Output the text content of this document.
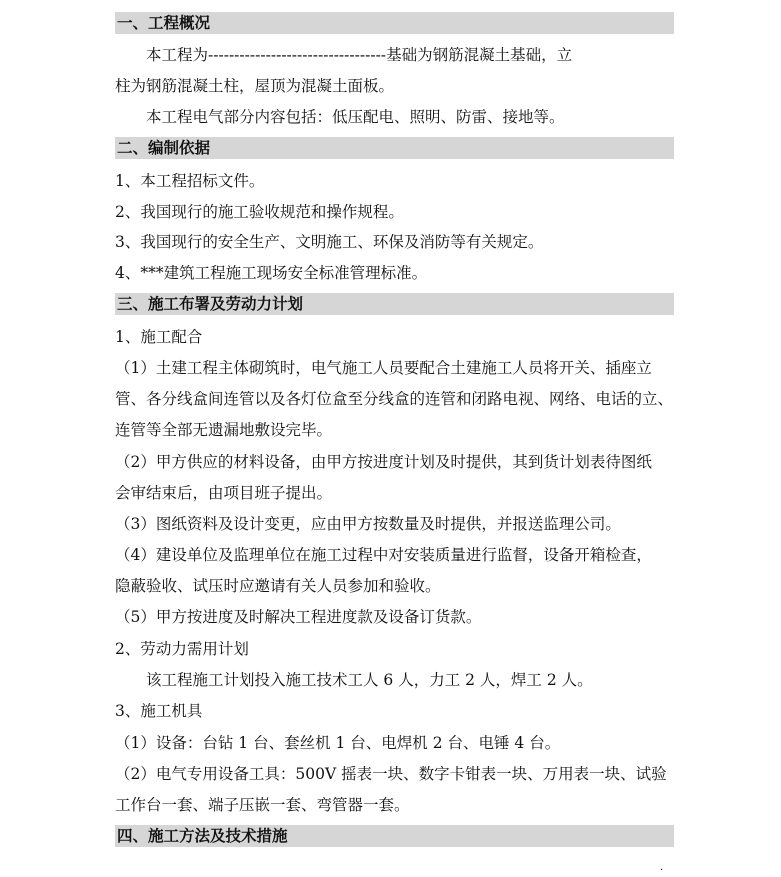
一、工程概况
本工程为----------------------------------基础为钢筋混凝土基础，立
柱为钢筋混凝土柱，屋顶为混凝土面板。
本工程电气部分内容包括：低压配电、照明、防雷、接地等。
二、编制依据
1、本工程招标文件。
2、我国现行的施工验收规范和操作规程。
3、我国现行的安全生产、文明施工、环保及消防等有关规定。
4、***建筑工程施工现场安全标准管理标准。
三、施工布署及劳动力计划
1、施工配合
（1）土建工程主体砌筑时，电气施工人员要配合土建施工人员将开关、插座立
管、各分线盒间连管以及各灯位盒至分线盒的连管和闭路电视、网络、电话的立、
连管等全部无遗漏地敷设完毕。
（2）甲方供应的材料设备，由甲方按进度计划及时提供，其到货计划表待图纸
会审结束后，由项目班子提出。
（3）图纸资料及设计变更，应由甲方按数量及时提供，并报送监理公司。
（4）建设单位及监理单位在施工过程中对安装质量进行监督，设备开箱检查，
隐蔽验收、试压时应邀请有关人员参加和验收。
（5）甲方按进度及时解决工程进度款及设备订货款。
2、劳动力需用计划
该工程施工计划投入施工技术工人 6 人，力工 2 人，焊工 2 人。
3、施工机具
（1）设备：台钻 1 台、套丝机 1 台、电焊机 2 台、电锤 4 台。
（2）电气专用设备工具：500V 摇表一块、数字卡钳表一块、万用表一块、试验
工作台一套、端子压嵌一套、弯管器一套。
四、施工方法及技术措施
.
